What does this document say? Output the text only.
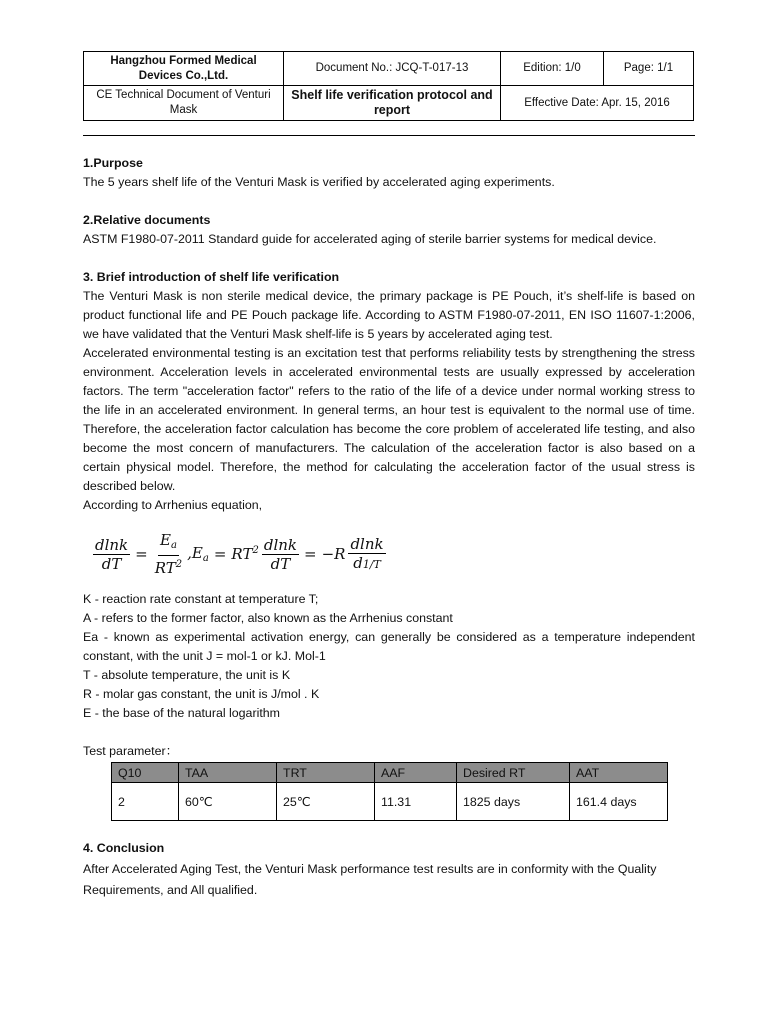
Hangzhou Formed Medical Devices Co.,Ltd.	Document No.: JCQ-T-017-13	Edition: 1/0	Page: 1/1
CE Technical Document of Venturi Mask	Shelf life verification protocol and report	Effective Date: Apr. 15, 2016	

1.Purpose

The 5 years shelf life of the Venturi Mask is verified by accelerated aging experiments.

2.Relative documents

ASTM F1980-07-2011 Standard guide for accelerated aging of sterile barrier systems for medical device.

3. Brief introduction of shelf life verification

The Venturi Mask is non sterile medical device, the primary package is PE Pouch, it’s shelf-life is based on product functional life and PE Pouch package life. According to ASTM F1980-07-2011, EN ISO 11607-1:2006, we have validated that the Venturi Mask shelf-life is 5 years by accelerated aging test.

Accelerated environmental testing is an excitation test that performs reliability tests by strengthening the stress environment. Acceleration levels in accelerated environmental tests are usually expressed by acceleration factors. The term "acceleration factor" refers to the ratio of the life of a device under normal working stress to the life in an accelerated environment. In general terms, an hour test is equivalent to the normal use of time. Therefore, the acceleration factor calculation has become the core problem of accelerated life testing, and also become the most concern of manufacturers. The calculation of the acceleration factor is also based on a certain physical model. Therefore, the method for calculating the acceleration factor of the usual stress is described below.

According to Arrhenius equation,

$\frac{dlnk}{dT} = \frac{E_a}{RT^2} ,E_a = RT^2 \frac{dlnk}{dT} = -R \frac{dlnk}{d1/T}$

K - reaction rate constant at temperature T;

A - refers to the former factor, also known as the Arrhenius constant

Ea - known as experimental activation energy, can generally be considered as a temperature independent constant, with the unit J = mol-1 or kJ. Mol-1

T - absolute temperature, the unit is K

R - molar gas constant, the unit is J/mol . K

E - the base of the natural logarithm

Test parameter：

Q10	TAA	TRT	AAF	Desired RT	AAT
2	60℃	25℃	11.31	1825 days	161.4 days

4. Conclusion

After Accelerated Aging Test, the Venturi Mask performance test results are in conformity with the Quality Requirements, and All qualified.
